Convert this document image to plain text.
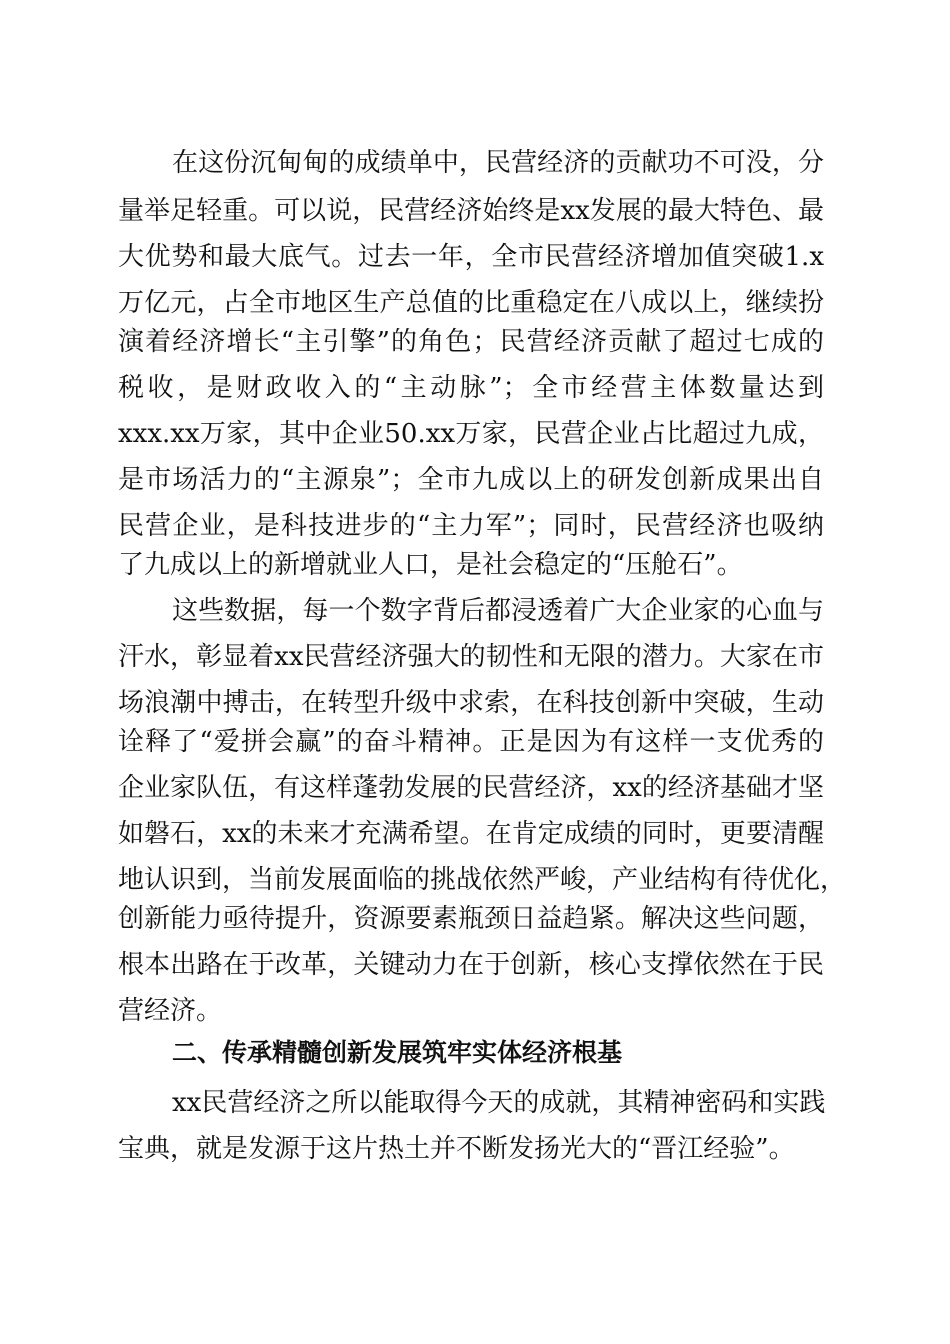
在这份沉甸甸的成绩单中，民营经济的贡献功不可没，分

量举足轻重。可以说，民营经济始终是xx发展的最大特色、最

大优势和最大底气。过去一年，全市民营经济增加值突破1.x

万亿元，占全市地区生产总值的比重稳定在八成以上，继续扮

演着经济增长“主引擎”的角色；民营经济贡献了超过七成的

税收，是财政收入的“主动脉”；全市经营主体数量达到

xxx.xx万家，其中企业50.xx万家，民营企业占比超过九成，

是市场活力的“主源泉”；全市九成以上的研发创新成果出自

民营企业，是科技进步的“主力军”；同时，民营经济也吸纳

了九成以上的新增就业人口，是社会稳定的“压舱石”。

这些数据，每一个数字背后都浸透着广大企业家的心血与

汗水，彰显着xx民营经济强大的韧性和无限的潜力。大家在市

场浪潮中搏击，在转型升级中求索，在科技创新中突破，生动

诠释了“爱拼会赢”的奋斗精神。正是因为有这样一支优秀的

企业家队伍，有这样蓬勃发展的民营经济，xx的经济基础才坚

如磐石，xx的未来才充满希望。在肯定成绩的同时，更要清醒

地认识到，当前发展面临的挑战依然严峻，产业结构有待优化，

创新能力亟待提升，资源要素瓶颈日益趋紧。解决这些问题，

根本出路在于改革，关键动力在于创新，核心支撑依然在于民

营经济。

二、传承精髓创新发展筑牢实体经济根基

xx民营经济之所以能取得今天的成就，其精神密码和实践

宝典，就是发源于这片热土并不断发扬光大的“晋江经验”。
